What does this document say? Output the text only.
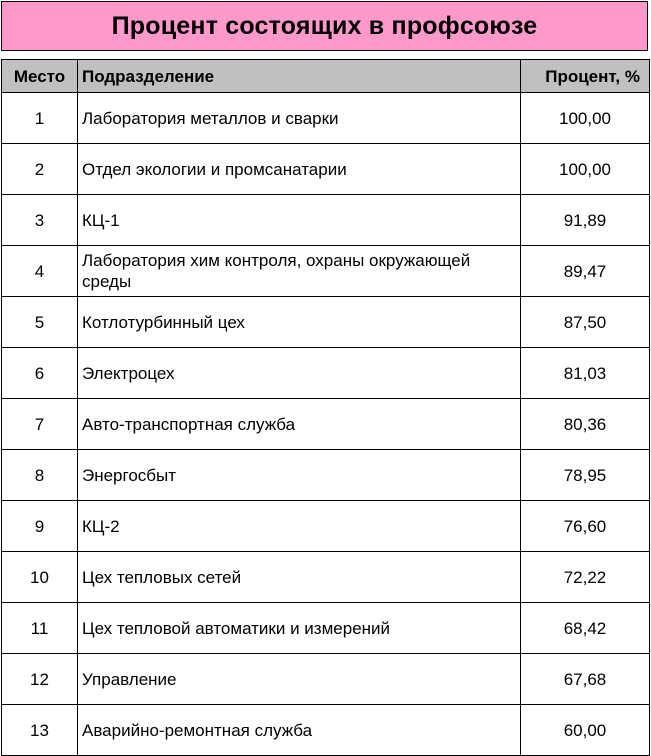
Процент состоящих в профсоюзе
Место	Подразделение	Процент, %
1	Лаборатория металлов и сварки	100,00
2	Отдел экологии и промсанатарии	100,00
3	КЦ-1	91,89
4	Лаборатория хим контроля, охраны окружающей среды	89,47
5	Котлотурбинный цех	87,50
6	Электроцех	81,03
7	Авто-транспортная служба	80,36
8	Энергосбыт	78,95
9	КЦ-2	76,60
10	Цех тепловых сетей	72,22
11	Цех тепловой автоматики и измерений	68,42
12	Управление	67,68
13	Аварийно-ремонтная служба	60,00
